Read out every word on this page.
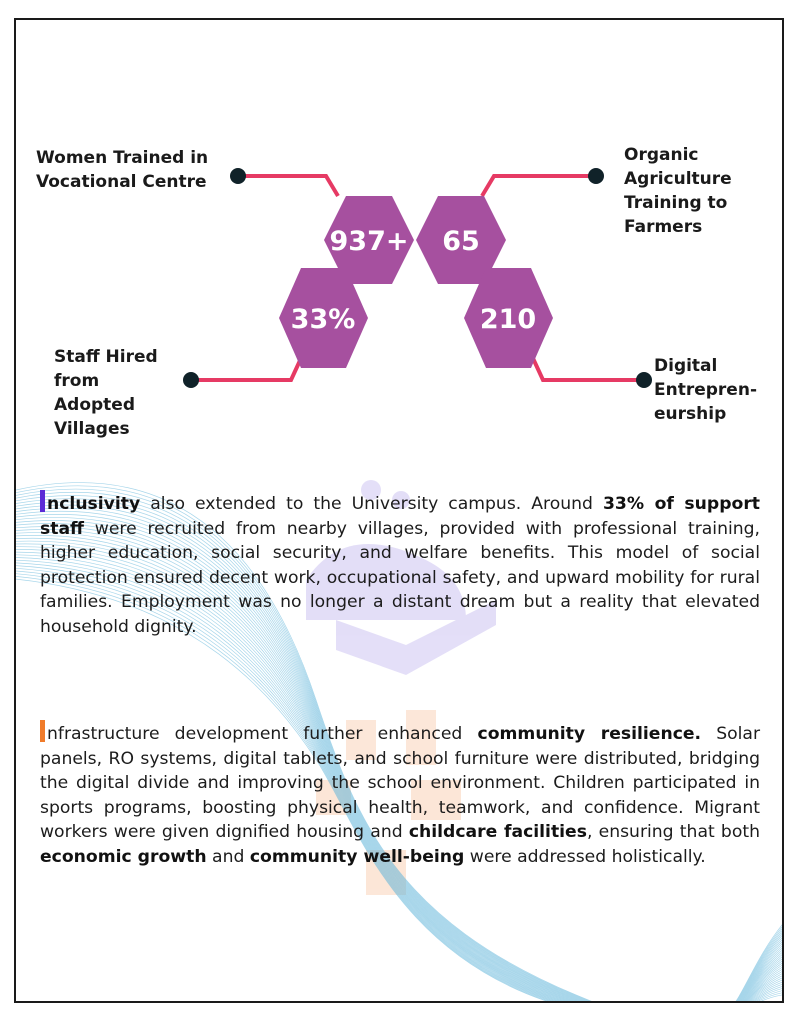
937+ 65
33%	210
Women Trained in
Vocational Centre
Organic
Agriculture
Training to
Farmers
Staff Hired
from
Adopted
Villages
Digital
Entrepren-
eurship
nclusivity also extended to the University campus. Around 33% of support staff were recruited from nearby villages, provided with professional training, higher education, social security, and welfare benefits. This model of social protection ensured decent work, occupational safety, and upward mobility for rural families. Employment was no longer a distant dream but a reality that elevated household dignity.
nfrastructure development further enhanced community resilience. Solar panels, RO systems, digital tablets, and school furniture were distributed, bridging the digital divide and improving the school environment. Children participated in sports programs, boosting physical health, teamwork, and confidence. Migrant workers were given dignified housing and childcare facilities, ensuring that both economic growth and community well-being were addressed holistically.
